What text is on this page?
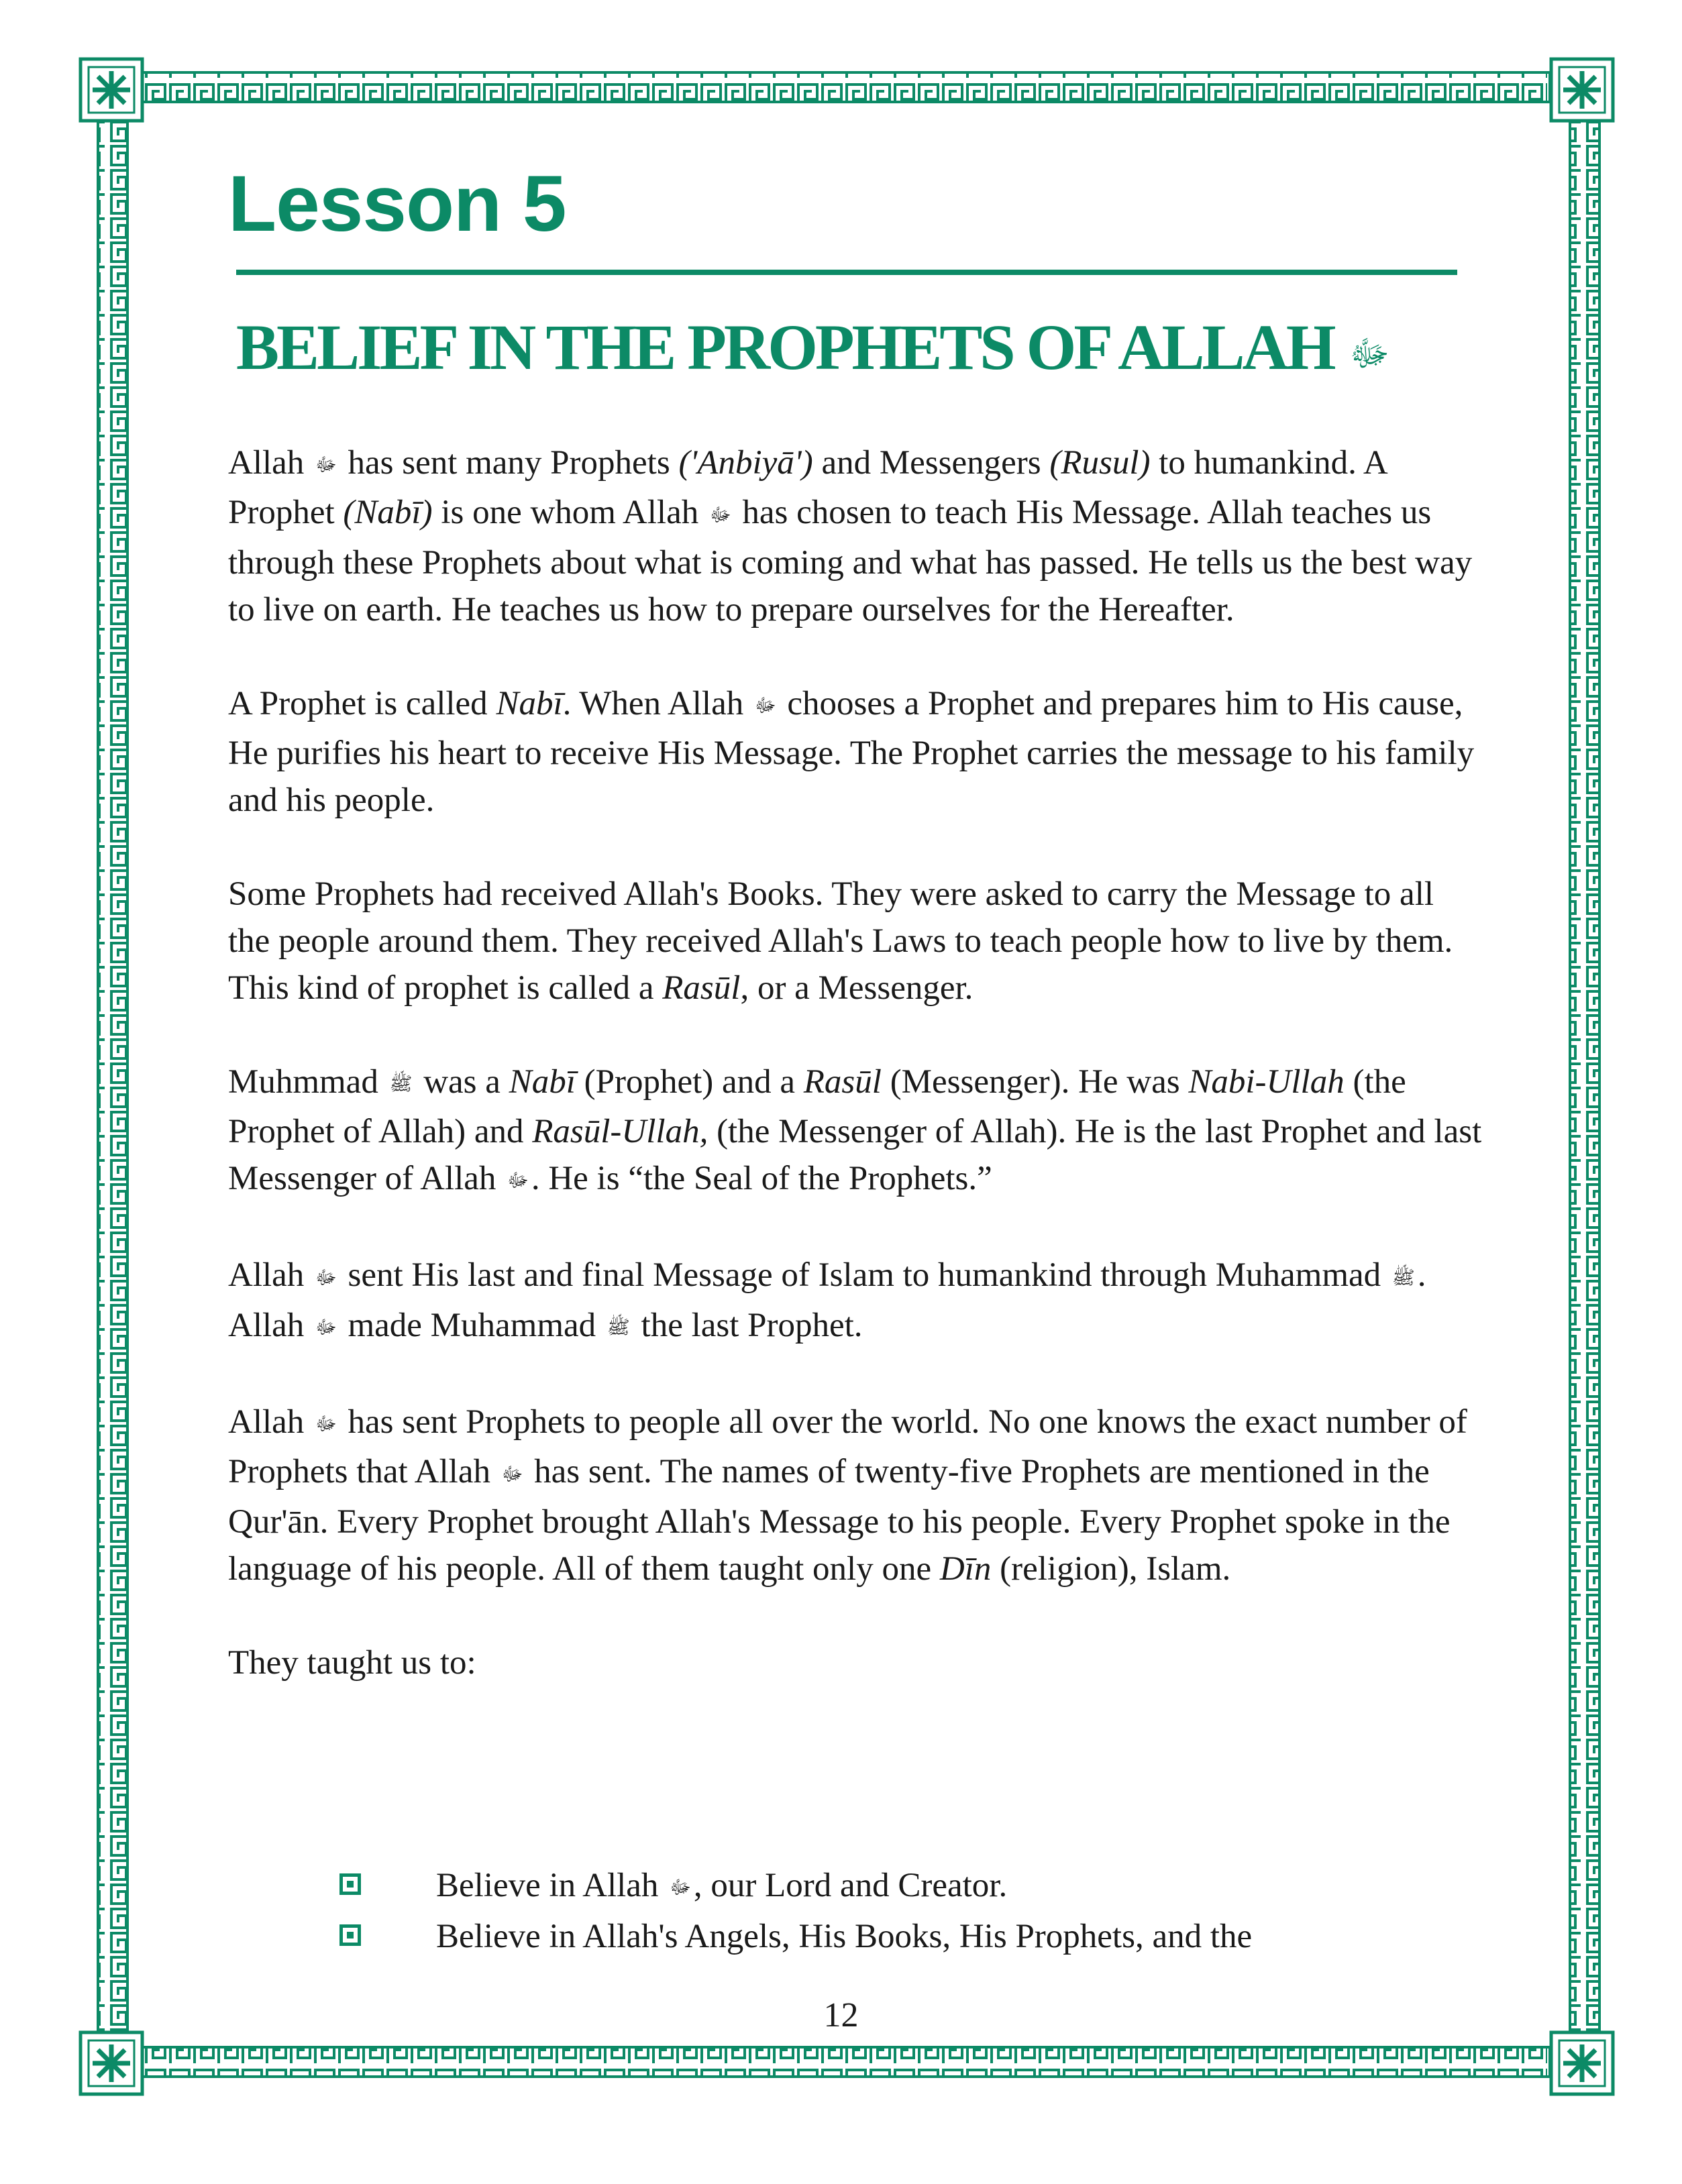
Lesson 5
BELIEF IN THE PROPHETS OF ALLAH ﷻ

Allah ﷻ has sent many Prophets ('Anbiyā') and Messengers (Rusul) to humankind. A Prophet (Nabī) is one whom Allah ﷻ has chosen to teach His Message. Allah teaches us through these Prophets about what is coming and what has passed. He tells us the best way to live on earth. He teaches us how to prepare ourselves for the Hereafter.

A Prophet is called Nabī. When Allah ﷻ chooses a Prophet and prepares him to His cause, He purifies his heart to receive His Message. The Prophet carries the message to his family and his people.

Some Prophets had received Allah's Books. They were asked to carry the Message to all the people around them. They received Allah's Laws to teach people how to live by them. This kind of prophet is called a Rasūl, or a Messenger.

Muhmmad ﷺ was a Nabī (Prophet) and a Rasūl (Messenger). He was Nabi-Ullah (the Prophet of Allah) and Rasūl-Ullah, (the Messenger of Allah). He is the last Prophet and last Messenger of Allah ﷻ. He is “the Seal of the Prophets.”

Allah ﷻ sent His last and final Message of Islam to humankind through Muhammad ﷺ. Allah ﷻ made Muhammad ﷺ the last Prophet.

Allah ﷻ has sent Prophets to people all over the world. No one knows the exact number of Prophets that Allah ﷻ has sent. The names of twenty-five Prophets are mentioned in the Qur'ān. Every Prophet brought Allah's Message to his people. Every Prophet spoke in the language of his people. All of them taught only one Dīn (religion), Islam.

They taught us to:

Believe in Allah ﷻ, our Lord and Creator.
Believe in Allah's Angels, His Books, His Prophets, and the
12
